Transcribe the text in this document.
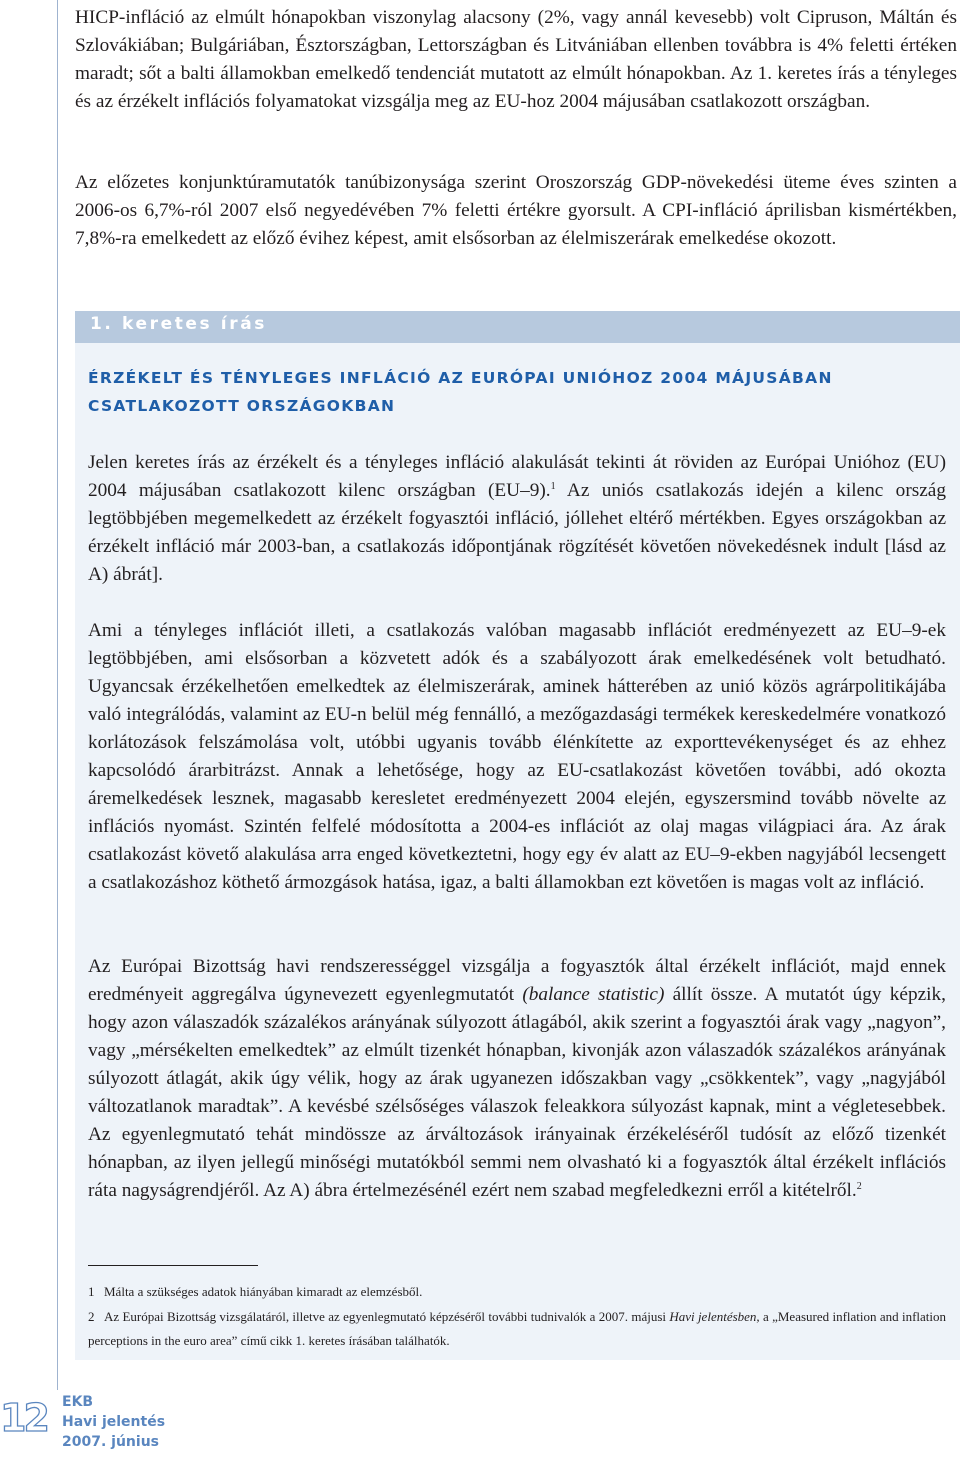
HICP-infláció az elmúlt hónapokban viszonylag alacsony (2%, vagy annál kevesebb) volt Cipruson, Máltán és Szlovákiában; Bulgáriában, Észtországban, Lettországban és Litvániában ellenben továbbra is 4% feletti értéken maradt; sőt a balti államokban emelkedő tendenciát mutatott az elmúlt hónapokban. Az 1. keretes írás a tényleges és az érzékelt inflációs folyamatokat vizsgálja meg az EU-hoz 2004 májusában csatlakozott országban.

Az előzetes konjunktúramutatók tanúbizonysága szerint Oroszország GDP-növekedési üteme éves szinten a 2006-os 6,7%-ról 2007 első negyedévében 7% feletti értékre gyorsult. A CPI-infláció áprilisban kismértékben, 7,8%-ra emelkedett az előző évihez képest, amit elsősorban az élelmiszerárak emelkedése okozott.

1. keretes írás
ÉRZÉKELT ÉS TÉNYLEGES INFLÁCIÓ AZ EURÓPAI UNIÓHOZ 2004 MÁJUSÁBAN CSATLAKOZOTT ORSZÁGOKBAN

Jelen keretes írás az érzékelt és a tényleges infláció alakulását tekinti át röviden az Európai Unióhoz (EU) 2004 májusában csatlakozott kilenc országban (EU–9).$^1$ Az uniós csatlakozás idején a kilenc ország legtöbbjében megemelkedett az érzékelt fogyasztói infláció, jóllehet eltérő mértékben. Egyes országokban az érzékelt infláció már 2003-ban, a csatlakozás időpontjának rögzítését követően növekedésnek indult [lásd az A) ábrát].

Ami a tényleges inflációt illeti, a csatlakozás valóban magasabb inflációt eredményezett az EU–9-ek legtöbbjében, ami elsősorban a közvetett adók és a szabályozott árak emelkedésének volt betudható. Ugyancsak érzékelhetően emelkedtek az élelmiszerárak, aminek hátterében az unió közös agrárpolitikájába való integrálódás, valamint az EU-n belül még fennálló, a mezőgazdasági termékek kereskedelmére vonatkozó korlátozások felszámolása volt, utóbbi ugyanis tovább élénkítette az exporttevékenységet és az ehhez kapcsolódó árarbitrázst. Annak a lehetősége, hogy az EU-csatlakozást követően további, adó okozta áremelkedések lesznek, magasabb keresletet eredményezett 2004 elején, egyszersmind tovább növelte az inflációs nyomást. Szintén felfelé módosította a 2004-es inflációt az olaj magas világpiaci ára. Az árak csatlakozást követő alakulása arra enged következtetni, hogy egy év alatt az EU–9-ekben nagyjából lecsengett a csatlakozáshoz köthető ármozgások hatása, igaz, a balti államokban ezt követően is magas volt az infláció.

Az Európai Bizottság havi rendszerességgel vizsgálja a fogyasztók által érzékelt inflációt, majd ennek eredményeit aggregálva úgynevezett egyenlegmutatót (balance statistic) állít össze. A mutatót úgy képzik, hogy azon válaszadók százalékos arányának súlyozott átlagából, akik szerint a fogyasztói árak vagy „nagyon”, vagy „mérsékelten emelkedtek” az elmúlt tizenkét hónapban, kivonják azon válaszadók százalékos arányának súlyozott átlagát, akik úgy vélik, hogy az árak ugyanezen időszakban vagy „csökkentek”, vagy „nagyjából változatlanok maradtak”. A kevésbé szélsőséges válaszok feleakkora súlyozást kapnak, mint a végletesebbek. Az egyenlegmutató tehát mindössze az árváltozások irányainak érzékeléséről tudósít az előző tizenkét hónapban, az ilyen jellegű minőségi mutatókból semmi nem olvasható ki a fogyasztók által érzékelt inflációs ráta nagyságrendjéről. Az A) ábra értelmezésénél ezért nem szabad megfeledkezni erről a kitételről.$^2$

1 Málta a szükséges adatok hiányában kimaradt az elemzésből.

2 Az Európai Bizottság vizsgálatáról, illetve az egyenlegmutató képzéséről további tudnivalók a 2007. májusi Havi jelentésben, a „Measured inflation and inflation perceptions in the euro area” című cikk 1. keretes írásában találhatók.

12 EKB
Havi jelentés
2007. június
